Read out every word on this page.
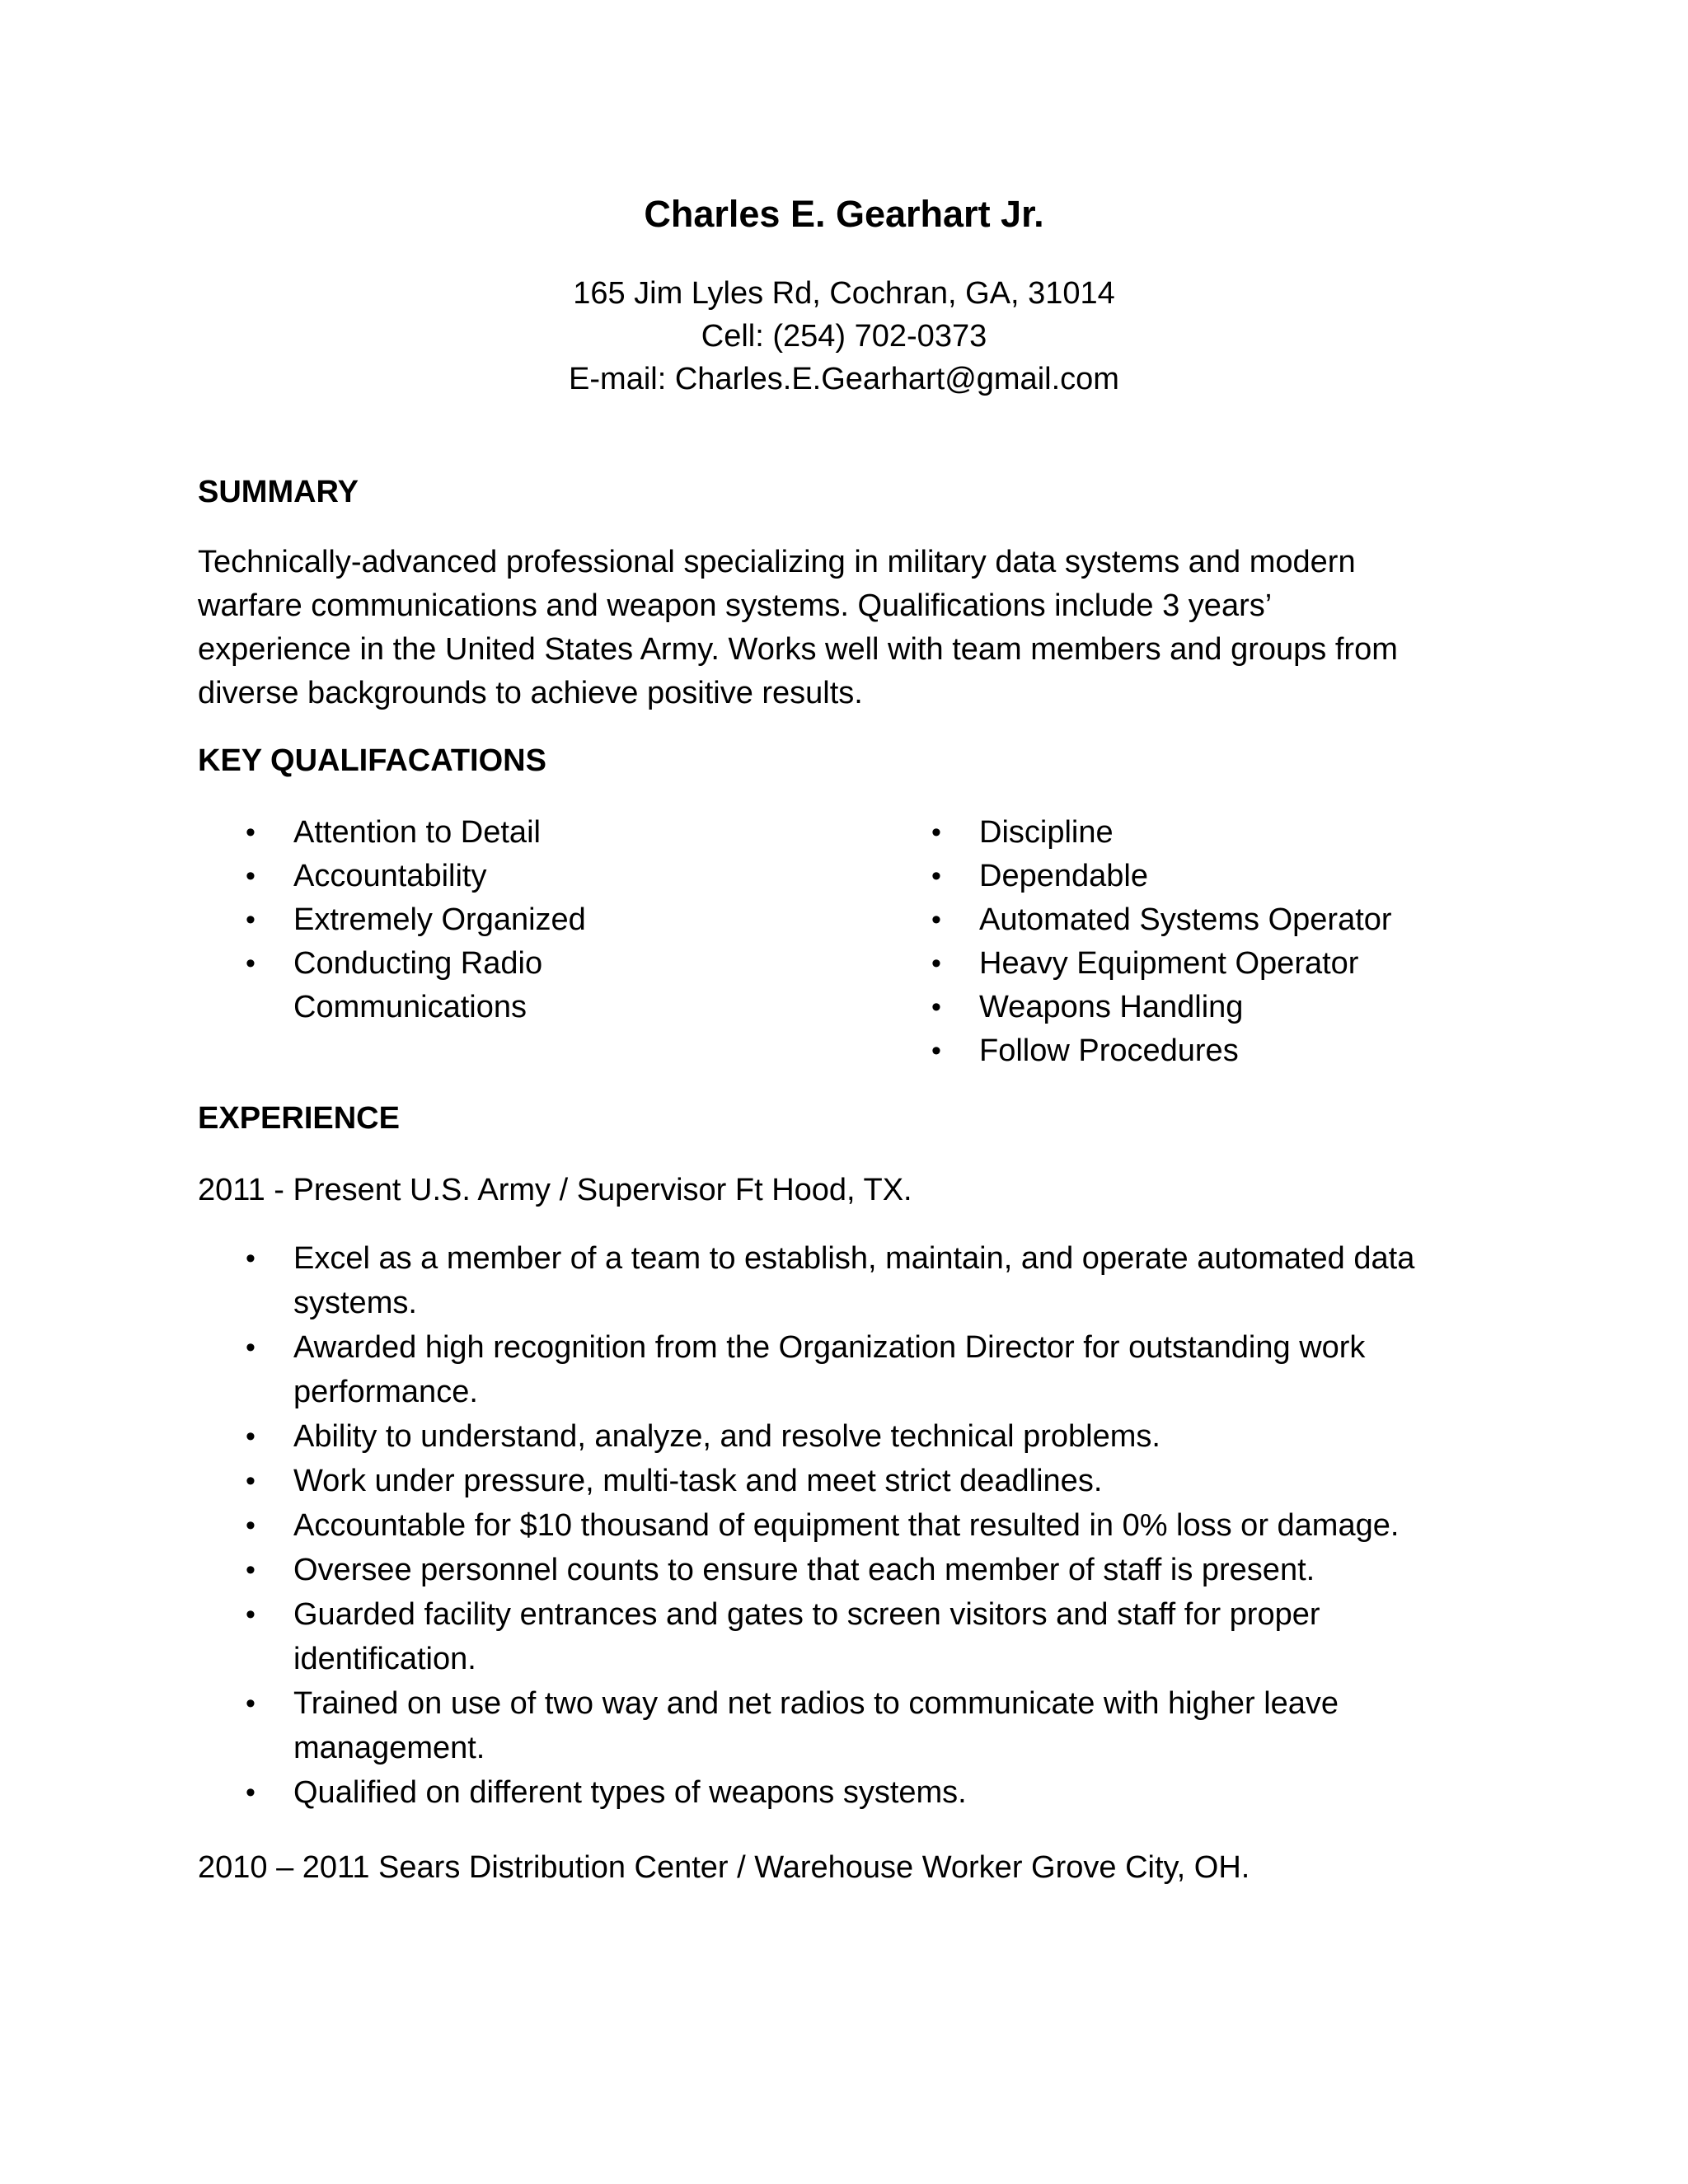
Charles E. Gearhart Jr.
165 Jim Lyles Rd, Cochran, GA, 31014
Cell: (254) 702-0373
E-mail: Charles.E.Gearhart@gmail.com
SUMMARY
Technically-advanced professional specializing in military data systems and modern
warfare communications and weapon systems. Qualifications include 3 years’
experience in the United States Army. Works well with team members and groups from
diverse backgrounds to achieve positive results.
KEY QUALIFACATIONS
• Attention to Detail
• Accountability
• Extremely Organized
• Conducting Radio Communications
• Discipline
• Dependable
• Automated Systems Operator
• Heavy Equipment Operator
• Weapons Handling
• Follow Procedures
EXPERIENCE
2011 - Present U.S. Army / Supervisor Ft Hood, TX.
• Excel as a member of a team to establish, maintain, and operate automated data systems.
• Awarded high recognition from the Organization Director for outstanding work performance.
• Ability to understand, analyze, and resolve technical problems.
• Work under pressure, multi-task and meet strict deadlines.
• Accountable for $10 thousand of equipment that resulted in 0% loss or damage.
• Oversee personnel counts to ensure that each member of staff is present.
• Guarded facility entrances and gates to screen visitors and staff for proper identification.
• Trained on use of two way and net radios to communicate with higher leave management.
• Qualified on different types of weapons systems.
2010 – 2011 Sears Distribution Center / Warehouse Worker Grove City, OH.
